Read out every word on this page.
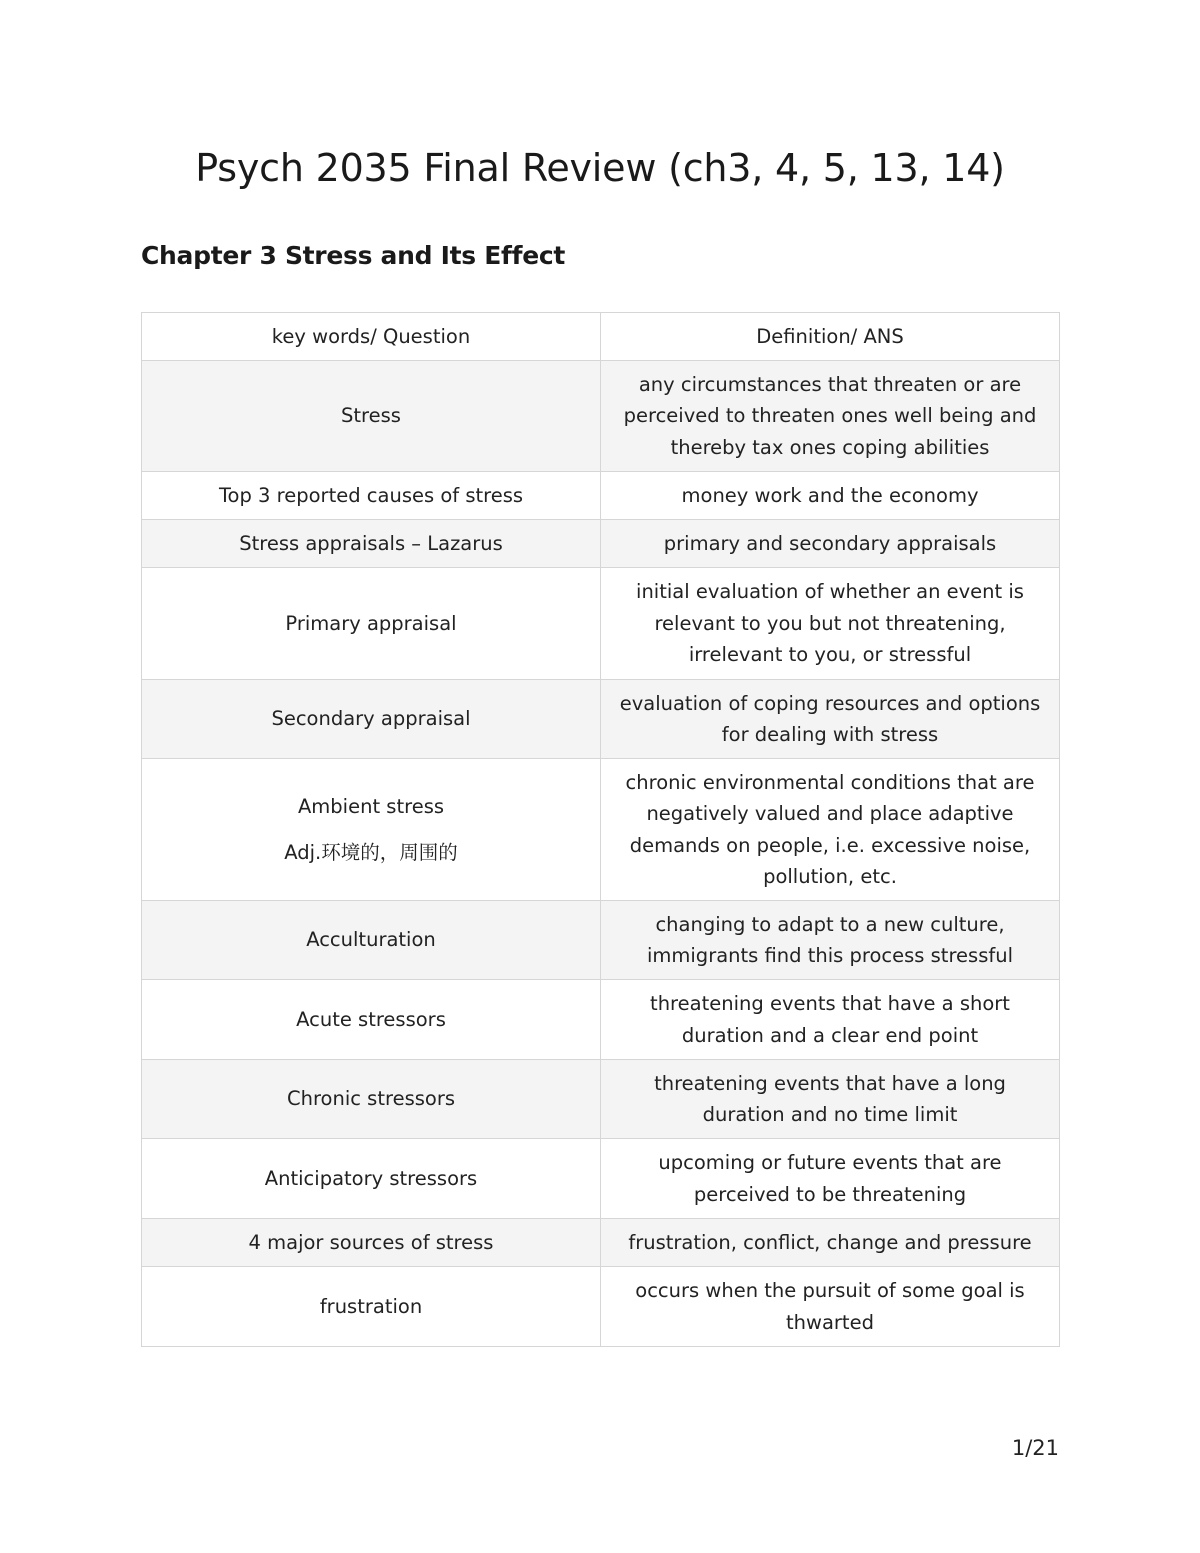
Psych 2035 Final Review (ch3, 4, 5, 13, 14)
Chapter 3 Stress and Its Effect
key words/ Question	Definition/ ANS
Stress	any circumstances that threaten or are perceived to threaten ones well being and thereby tax ones coping abilities
Top 3 reported causes of stress	money work and the economy
Stress appraisals – Lazarus	primary and secondary appraisals
Primary appraisal	initial evaluation of whether an event is relevant to you but not threatening, irrelevant to you, or stressful
Secondary appraisal	evaluation of coping resources and options for dealing with stress
Ambient stress
Adj.环境的，周围的	chronic environmental conditions that are negatively valued and place adaptive demands on people, i.e. excessive noise, pollution, etc.
Acculturation	changing to adapt to a new culture, immigrants find this process stressful
Acute stressors	threatening events that have a short duration and a clear end point
Chronic stressors	threatening events that have a long duration and no time limit
Anticipatory stressors	upcoming or future events that are perceived to be threatening
4 major sources of stress	frustration, conflict, change and pressure
frustration	occurs when the pursuit of some goal is thwarted
1/21
